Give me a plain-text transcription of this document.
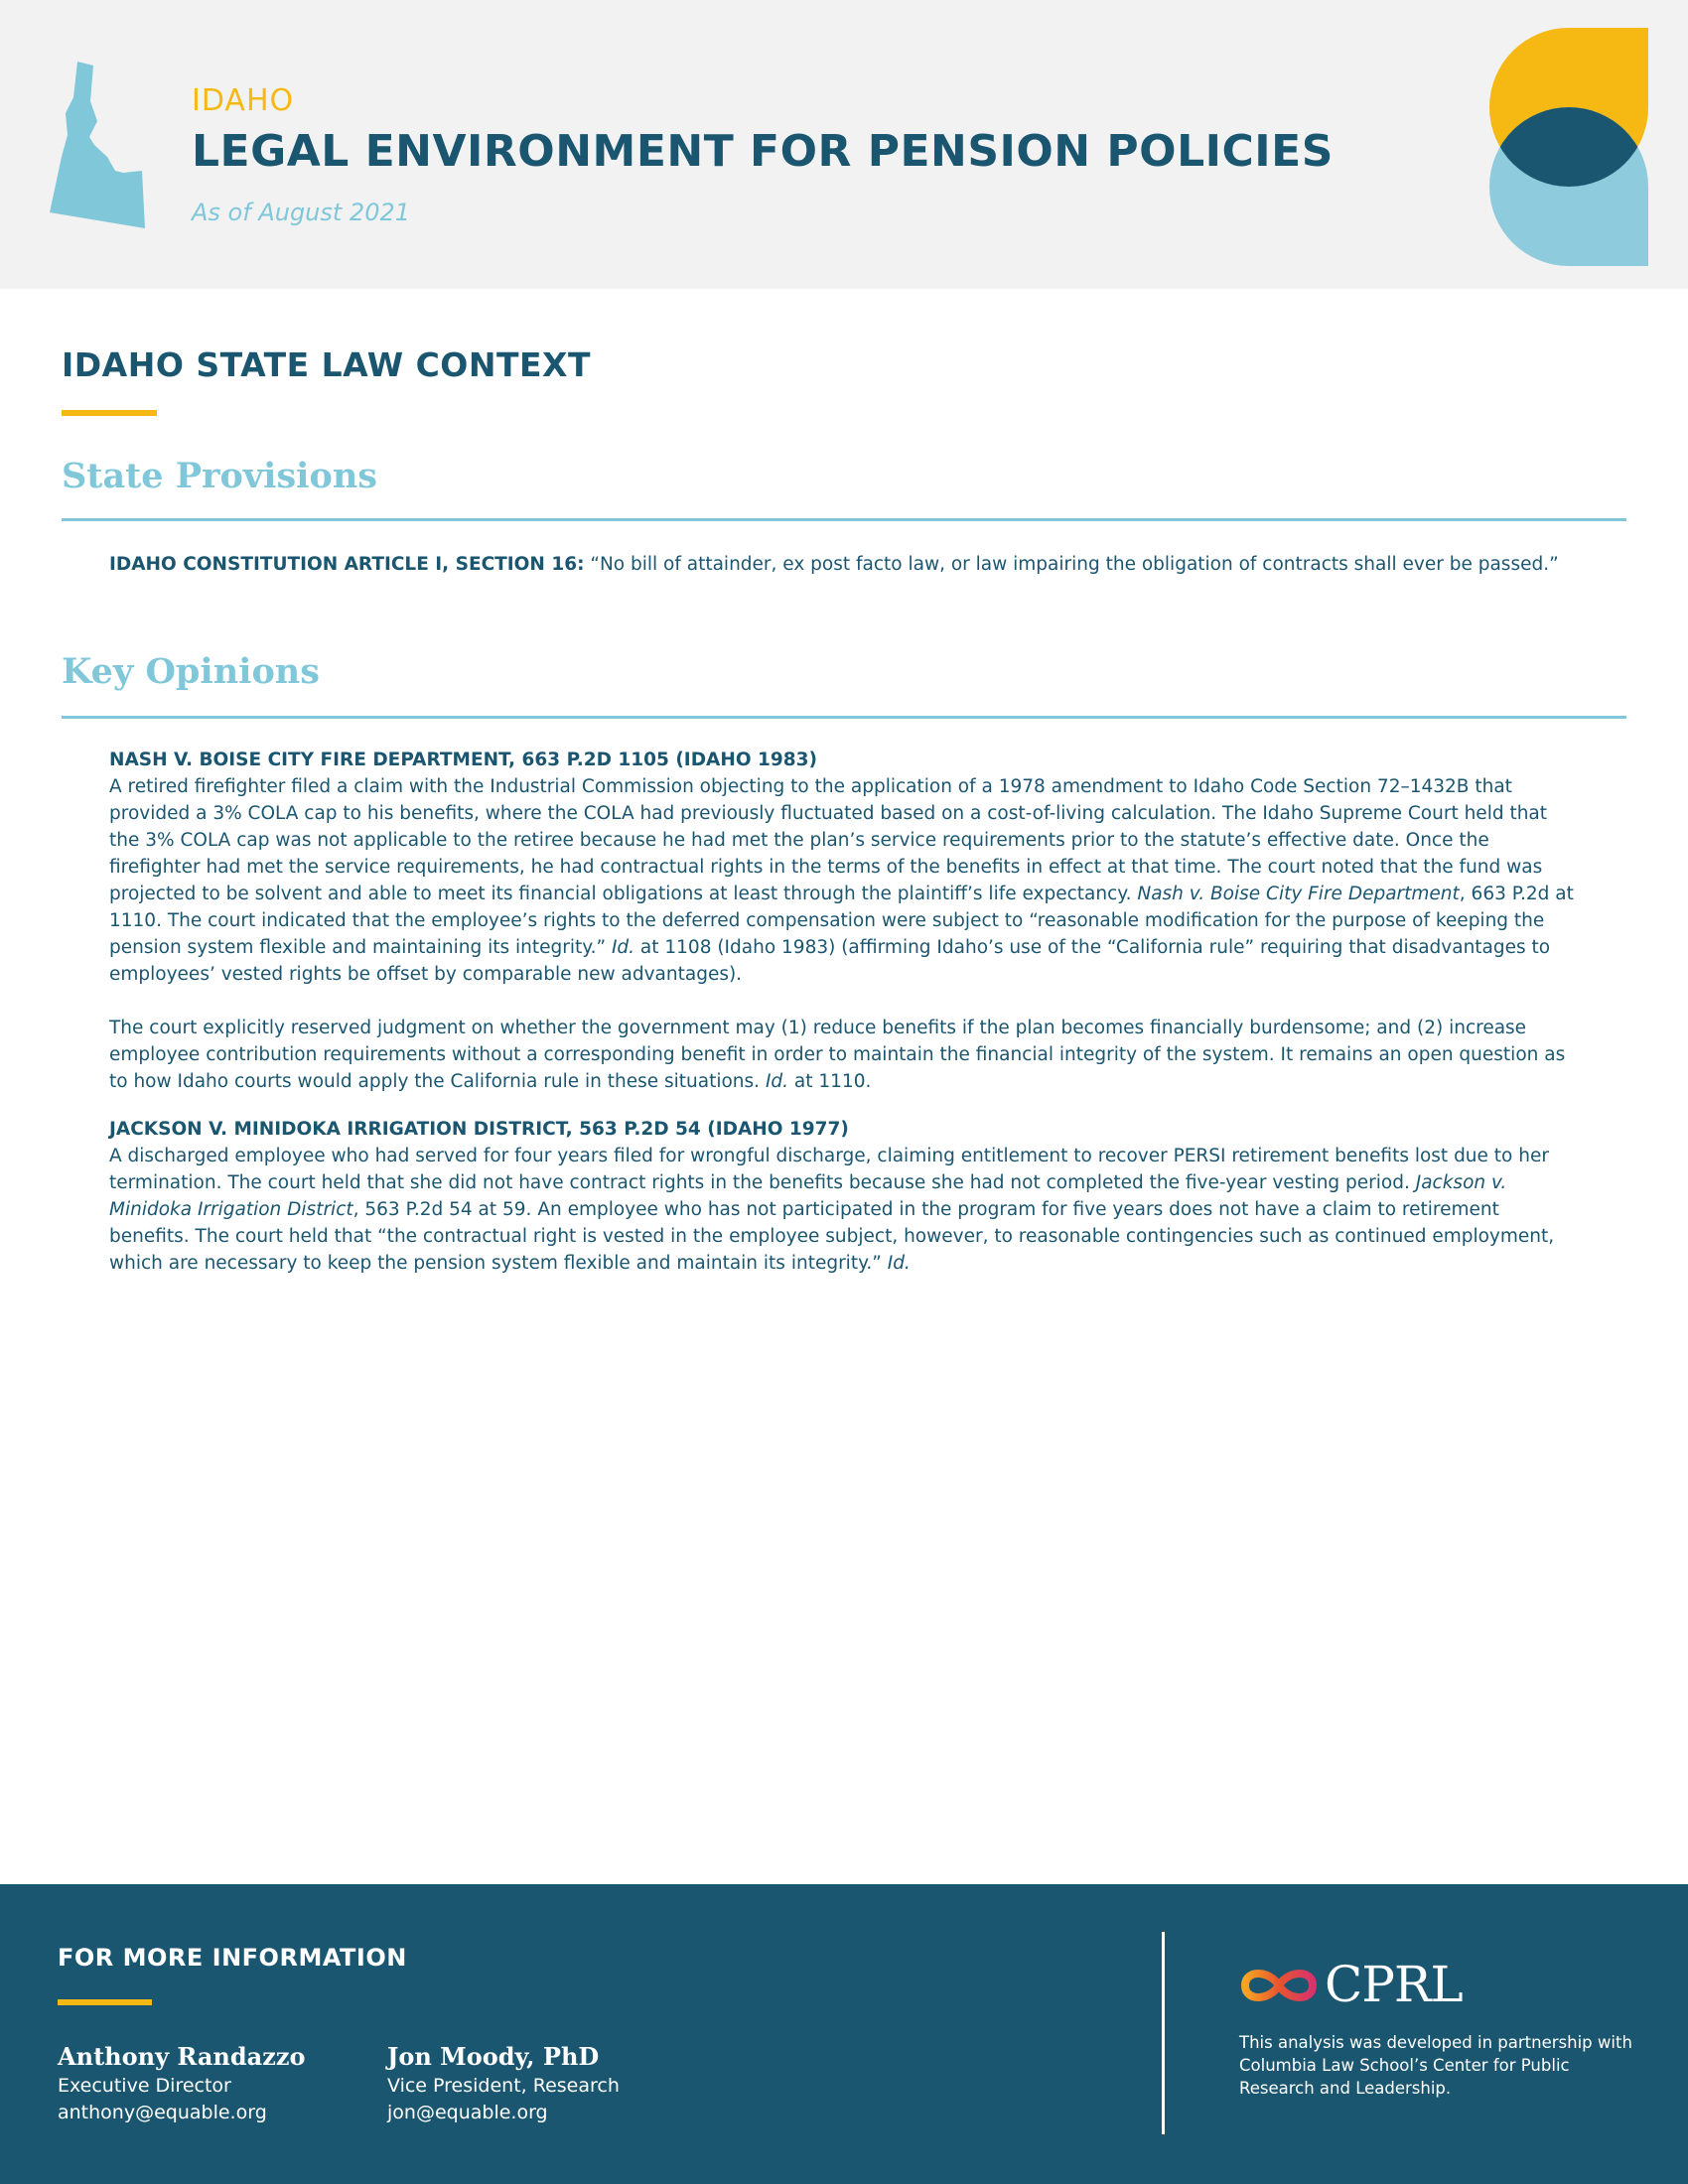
IDAHO
LEGAL ENVIRONMENT FOR PENSION POLICIES
As of August 2021
IDAHO STATE LAW CONTEXT
State Provisions
IDAHO CONSTITUTION ARTICLE I, SECTION 16: “No bill of attainder, ex post facto law, or law impairing the obligation of contracts shall ever be passed.”
Key Opinions
NASH V. BOISE CITY FIRE DEPARTMENT, 663 P.2D 1105 (IDAHO 1983)

A retired firefighter filed a claim with the Industrial Commission objecting to the application of a 1978 amendment to Idaho Code Section 72–1432B that provided a 3% COLA cap to his benefits, where the COLA had previously fluctuated based on a cost-of-living calculation. The Idaho Supreme Court held that the 3% COLA cap was not applicable to the retiree because he had met the plan’s service requirements prior to the statute’s effective date. Once the firefighter had met the service requirements, he had contractual rights in the terms of the benefits in effect at that time. The court noted that the fund was projected to be solvent and able to meet its financial obligations at least through the plaintiff’s life expectancy. Nash v. Boise City Fire Department, 663 P.2d at 1110. The court indicated that the employee’s rights to the deferred compensation were subject to “reasonable modification for the purpose of keeping the pension system flexible and maintaining its integrity.” Id. at 1108 (Idaho 1983) (affirming Idaho’s use of the “California rule” requiring that disadvantages to employees’ vested rights be offset by comparable new advantages).

The court explicitly reserved judgment on whether the government may (1) reduce benefits if the plan becomes financially burdensome; and (2) increase employee contribution requirements without a corresponding benefit in order to maintain the financial integrity of the system. It remains an open question as to how Idaho courts would apply the California rule in these situations. Id. at 1110.

JACKSON V. MINIDOKA IRRIGATION DISTRICT, 563 P.2D 54 (IDAHO 1977)

A discharged employee who had served for four years filed for wrongful discharge, claiming entitlement to recover PERSI retirement benefits lost due to her termination. The court held that she did not have contract rights in the benefits because she had not completed the five-year vesting period. Jackson v. Minidoka Irrigation District, 563 P.2d 54 at 59. An employee who has not participated in the program for five years does not have a claim to retirement benefits. The court held that “the contractual right is vested in the employee subject, however, to reasonable contingencies such as continued employment, which are necessary to keep the pension system flexible and maintain its integrity.” Id.

FOR MORE INFORMATION
Anthony Randazzo
Executive Director
anthony@equable.org
Jon Moody, PhD
Vice President, Research
jon@equable.org
CPRL
This analysis was developed in partnership with Columbia Law School’s Center for Public Research and Leadership.
